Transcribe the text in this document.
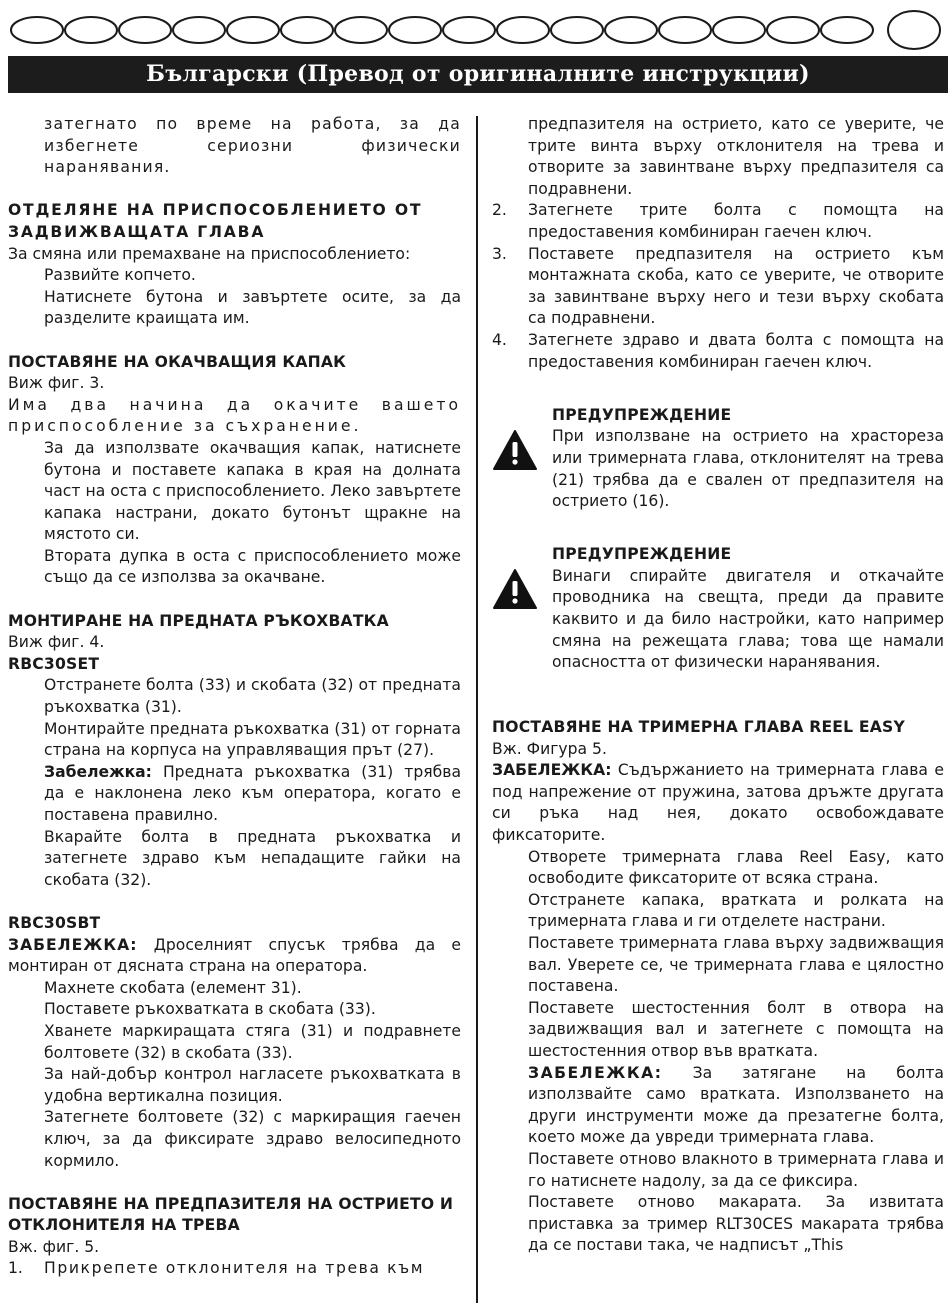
Български (Превод от оригиналните инструкции)

затегнато по време на работа, за да избегнете сериозни физически наранявания.

ОТДЕЛЯНЕ НА ПРИСПОСОБЛЕНИЕТО ОТ ЗАДВИЖВАЩАТА ГЛАВА

За смяна или премахване на приспособлението:

Развийте копчето.

Натиснете бутона и завъртете осите, за да разделите краищата им.

ПОСТАВЯНЕ НА ОКАЧВАЩИЯ КАПАК

Виж фиг. 3.

Има два начина да окачите вашето приспособление за съхранение.

За да използвате окачващия капак, натиснете бутона и поставете капака в края на долната част на оста с приспособлението. Леко завъртете капака настрани, докато бутонът щракне на мястото си.

Втората дупка в оста с приспособлението може също да се използва за окачване.

МОНТИРАНЕ НА ПРЕДНАТА РЪКОХВАТКА

Виж фиг. 4.

RBC30SET

Отстранете болта (33) и скобата (32) от предната ръкохватка (31).

Монтирайте предната ръкохватка (31) от горната страна на корпуса на управляващия прът (27).

Забележка: Предната ръкохватка (31) трябва да е наклонена леко към оператора, когато е поставена правилно.

Вкарайте болта в предната ръкохватка и затегнете здраво към непадащите гайки на скобата (32).

RBC30SBT

ЗАБЕЛЕЖКА: Дроселният спусък трябва да е монтиран от дясната страна на оператора.

Махнете скобата (елемент 31).

Поставете ръкохватката в скобата (33).

Хванете маркиращата стяга (31) и подравнете болтовете (32) в скобата (33).

За най-добър контрол нагласете ръкохватката в удобна вертикална позиция.

Затегнете болтовете (32) с маркиращия гаечен ключ, за да фиксирате здраво велосипедното кормило.

ПОСТАВЯНЕ НА ПРЕДПАЗИТЕЛЯ НА ОСТРИЕТО И ОТКЛОНИТЕЛЯ НА ТРЕВА

Вж. фиг. 5.

1.	Прикрепете отклонителя на трева към

предпазителя на острието, като се уверите, че трите винта върху отклонителя на трева и отворите за завинтване върху предпазителя са подравнени.

2.	Затегнете трите болта с помощта на предоставения комбиниран гаечен ключ.
3.	Поставете предпазителя на острието към монтажната скоба, като се уверите, че отворите за завинтване върху него и тези върху скобата са подравнени.
4.	Затегнете здраво и двата болта с помощта на предоставения комбиниран гаечен ключ.

ПРЕДУПРЕЖДЕНИЕ

При използване на острието на храстореза или тримерната глава, отклонителят на трева (21) трябва да е свален от предпазителя на острието (16).

ПРЕДУПРЕЖДЕНИЕ

Винаги спирайте двигателя и откачайте проводника на свещта, преди да правите каквито и да било настройки, като например смяна на режещата глава; това ще намали опасността от физически наранявания.

ПОСТАВЯНЕ НА ТРИМЕРНА ГЛАВА REEL EASY

Вж. Фигура 5.

ЗАБЕЛЕЖКА: Съдържанието на тримерната глава е под напрежение от пружина, затова дръжте другата си ръка над нея, докато освобождавате фиксаторите.

Отворете тримерната глава Reel Easy, като освободите фиксаторите от всяка страна.

Отстранете капака, вратката и ролката на тримерната глава и ги отделете настрани.

Поставете тримерната глава върху задвижващия вал. Уверете се, че тримерната глава е цялостно поставена.

Поставете шестостенния болт в отвора на задвижващия вал и затегнете с помощта на шестостенния отвор във вратката.

ЗАБЕЛЕЖКА: За затягане на болта използвайте само вратката. Използването на други инструменти може да презатегне болта, което може да увреди тримерната глава.

Поставете отново влакното в тримерната глава и го натиснете надолу, за да се фиксира.

Поставете отново макарата. За извитата приставка за тример RLT30CES макарата трябва да се постави така, че надписът „This
